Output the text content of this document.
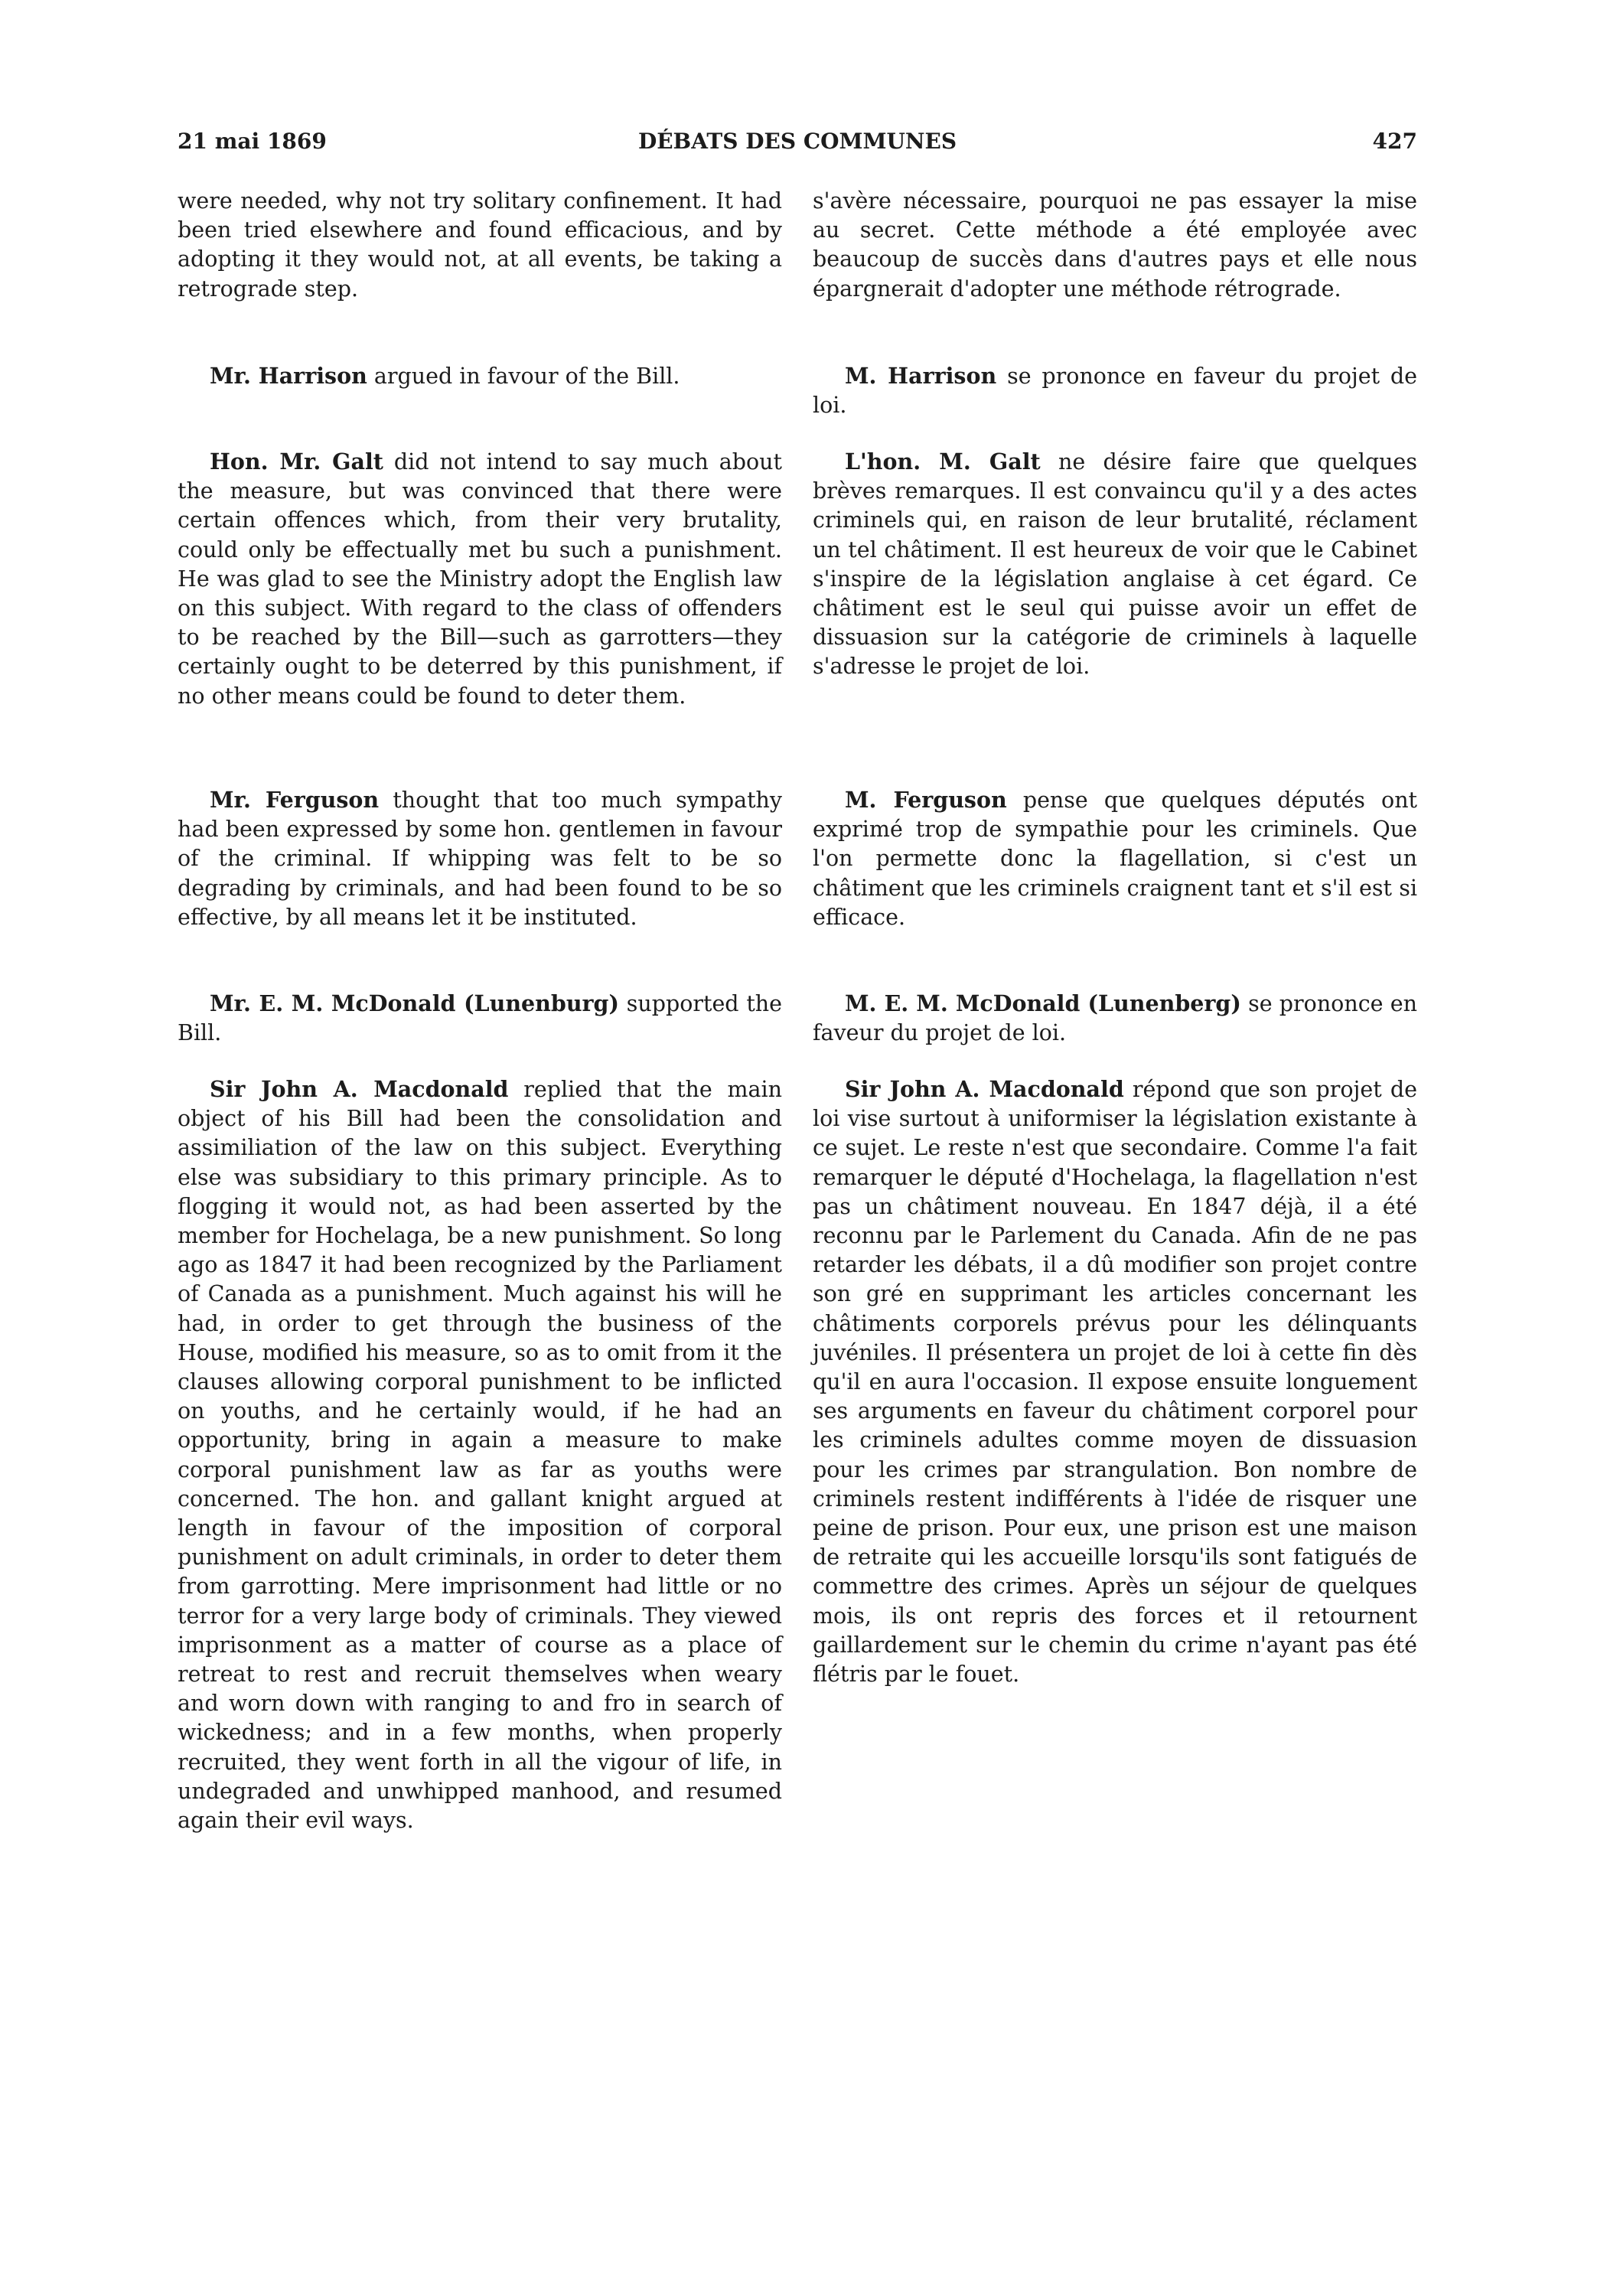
21 mai 1869	DÉBATS DES COMMUNES	427

were needed, why not try solitary confinement. It had been tried elsewhere and found efficacious, and by adopting it they would not, at all events, be taking a retrograde step.

Mr. Harrison argued in favour of the Bill.

Hon. Mr. Galt did not intend to say much about the measure, but was convinced that there were certain offences which, from their very brutality, could only be effectually met bu such a punishment. He was glad to see the Ministry adopt the English law on this subject. With regard to the class of offenders to be reached by the Bill—such as garrotters—they certainly ought to be deterred by this punishment, if no other means could be found to deter them.

Mr. Ferguson thought that too much sympathy had been expressed by some hon. gentlemen in favour of the criminal. If whipping was felt to be so degrading by criminals, and had been found to be so effective, by all means let it be instituted.

Mr. E. M. McDonald (Lunenburg) supported the Bill.

Sir John A. Macdonald replied that the main object of his Bill had been the consolidation and assimiliation of the law on this subject. Everything else was subsidiary to this primary principle. As to flogging it would not, as had been asserted by the member for Hochelaga, be a new punishment. So long ago as 1847 it had been recognized by the Parliament of Canada as a punishment. Much against his will he had, in order to get through the business of the House, modified his measure, so as to omit from it the clauses allowing corporal punishment to be inflicted on youths, and he certainly would, if he had an opportunity, bring in again a measure to make corporal punishment law as far as youths were concerned. The hon. and gallant knight argued at length in favour of the imposition of corporal punishment on adult criminals, in order to deter them from garrotting. Mere imprisonment had little or no terror for a very large body of criminals. They viewed imprisonment as a matter of course as a place of retreat to rest and recruit themselves when weary and worn down with ranging to and fro in search of wickedness; and in a few months, when properly recruited, they went forth in all the vigour of life, in undegraded and unwhipped manhood, and resumed again their evil ways.

s'avère nécessaire, pourquoi ne pas essayer la mise au secret. Cette méthode a été employée avec beaucoup de succès dans d'autres pays et elle nous épargnerait d'adopter une méthode rétrograde.

M. Harrison se prononce en faveur du projet de loi.

L'hon. M. Galt ne désire faire que quelques brèves remarques. Il est convaincu qu'il y a des actes criminels qui, en raison de leur brutalité, réclament un tel châtiment. Il est heureux de voir que le Cabinet s'inspire de la législation anglaise à cet égard. Ce châtiment est le seul qui puisse avoir un effet de dissuasion sur la catégorie de criminels à laquelle s'adresse le projet de loi.

M. Ferguson pense que quelques députés ont exprimé trop de sympathie pour les criminels. Que l'on permette donc la flagellation, si c'est un châtiment que les criminels craignent tant et s'il est si efficace.

M. E. M. McDonald (Lunenberg) se prononce en faveur du projet de loi.

Sir John A. Macdonald répond que son projet de loi vise surtout à uniformiser la législation existante à ce sujet. Le reste n'est que secondaire. Comme l'a fait remarquer le député d'Hochelaga, la flagellation n'est pas un châtiment nouveau. En 1847 déjà, il a été reconnu par le Parlement du Canada. Afin de ne pas retarder les débats, il a dû modifier son projet contre son gré en supprimant les articles concernant les châtiments corporels prévus pour les délinquants juvéniles. Il présentera un projet de loi à cette fin dès qu'il en aura l'occasion. Il expose ensuite longuement ses arguments en faveur du châtiment corporel pour les criminels adultes comme moyen de dissuasion pour les crimes par strangulation. Bon nombre de criminels restent indifférents à l'idée de risquer une peine de prison. Pour eux, une prison est une maison de retraite qui les accueille lorsqu'ils sont fatigués de commettre des crimes. Après un séjour de quelques mois, ils ont repris des forces et il retournent gaillardement sur le chemin du crime n'ayant pas été flétris par le fouet.
